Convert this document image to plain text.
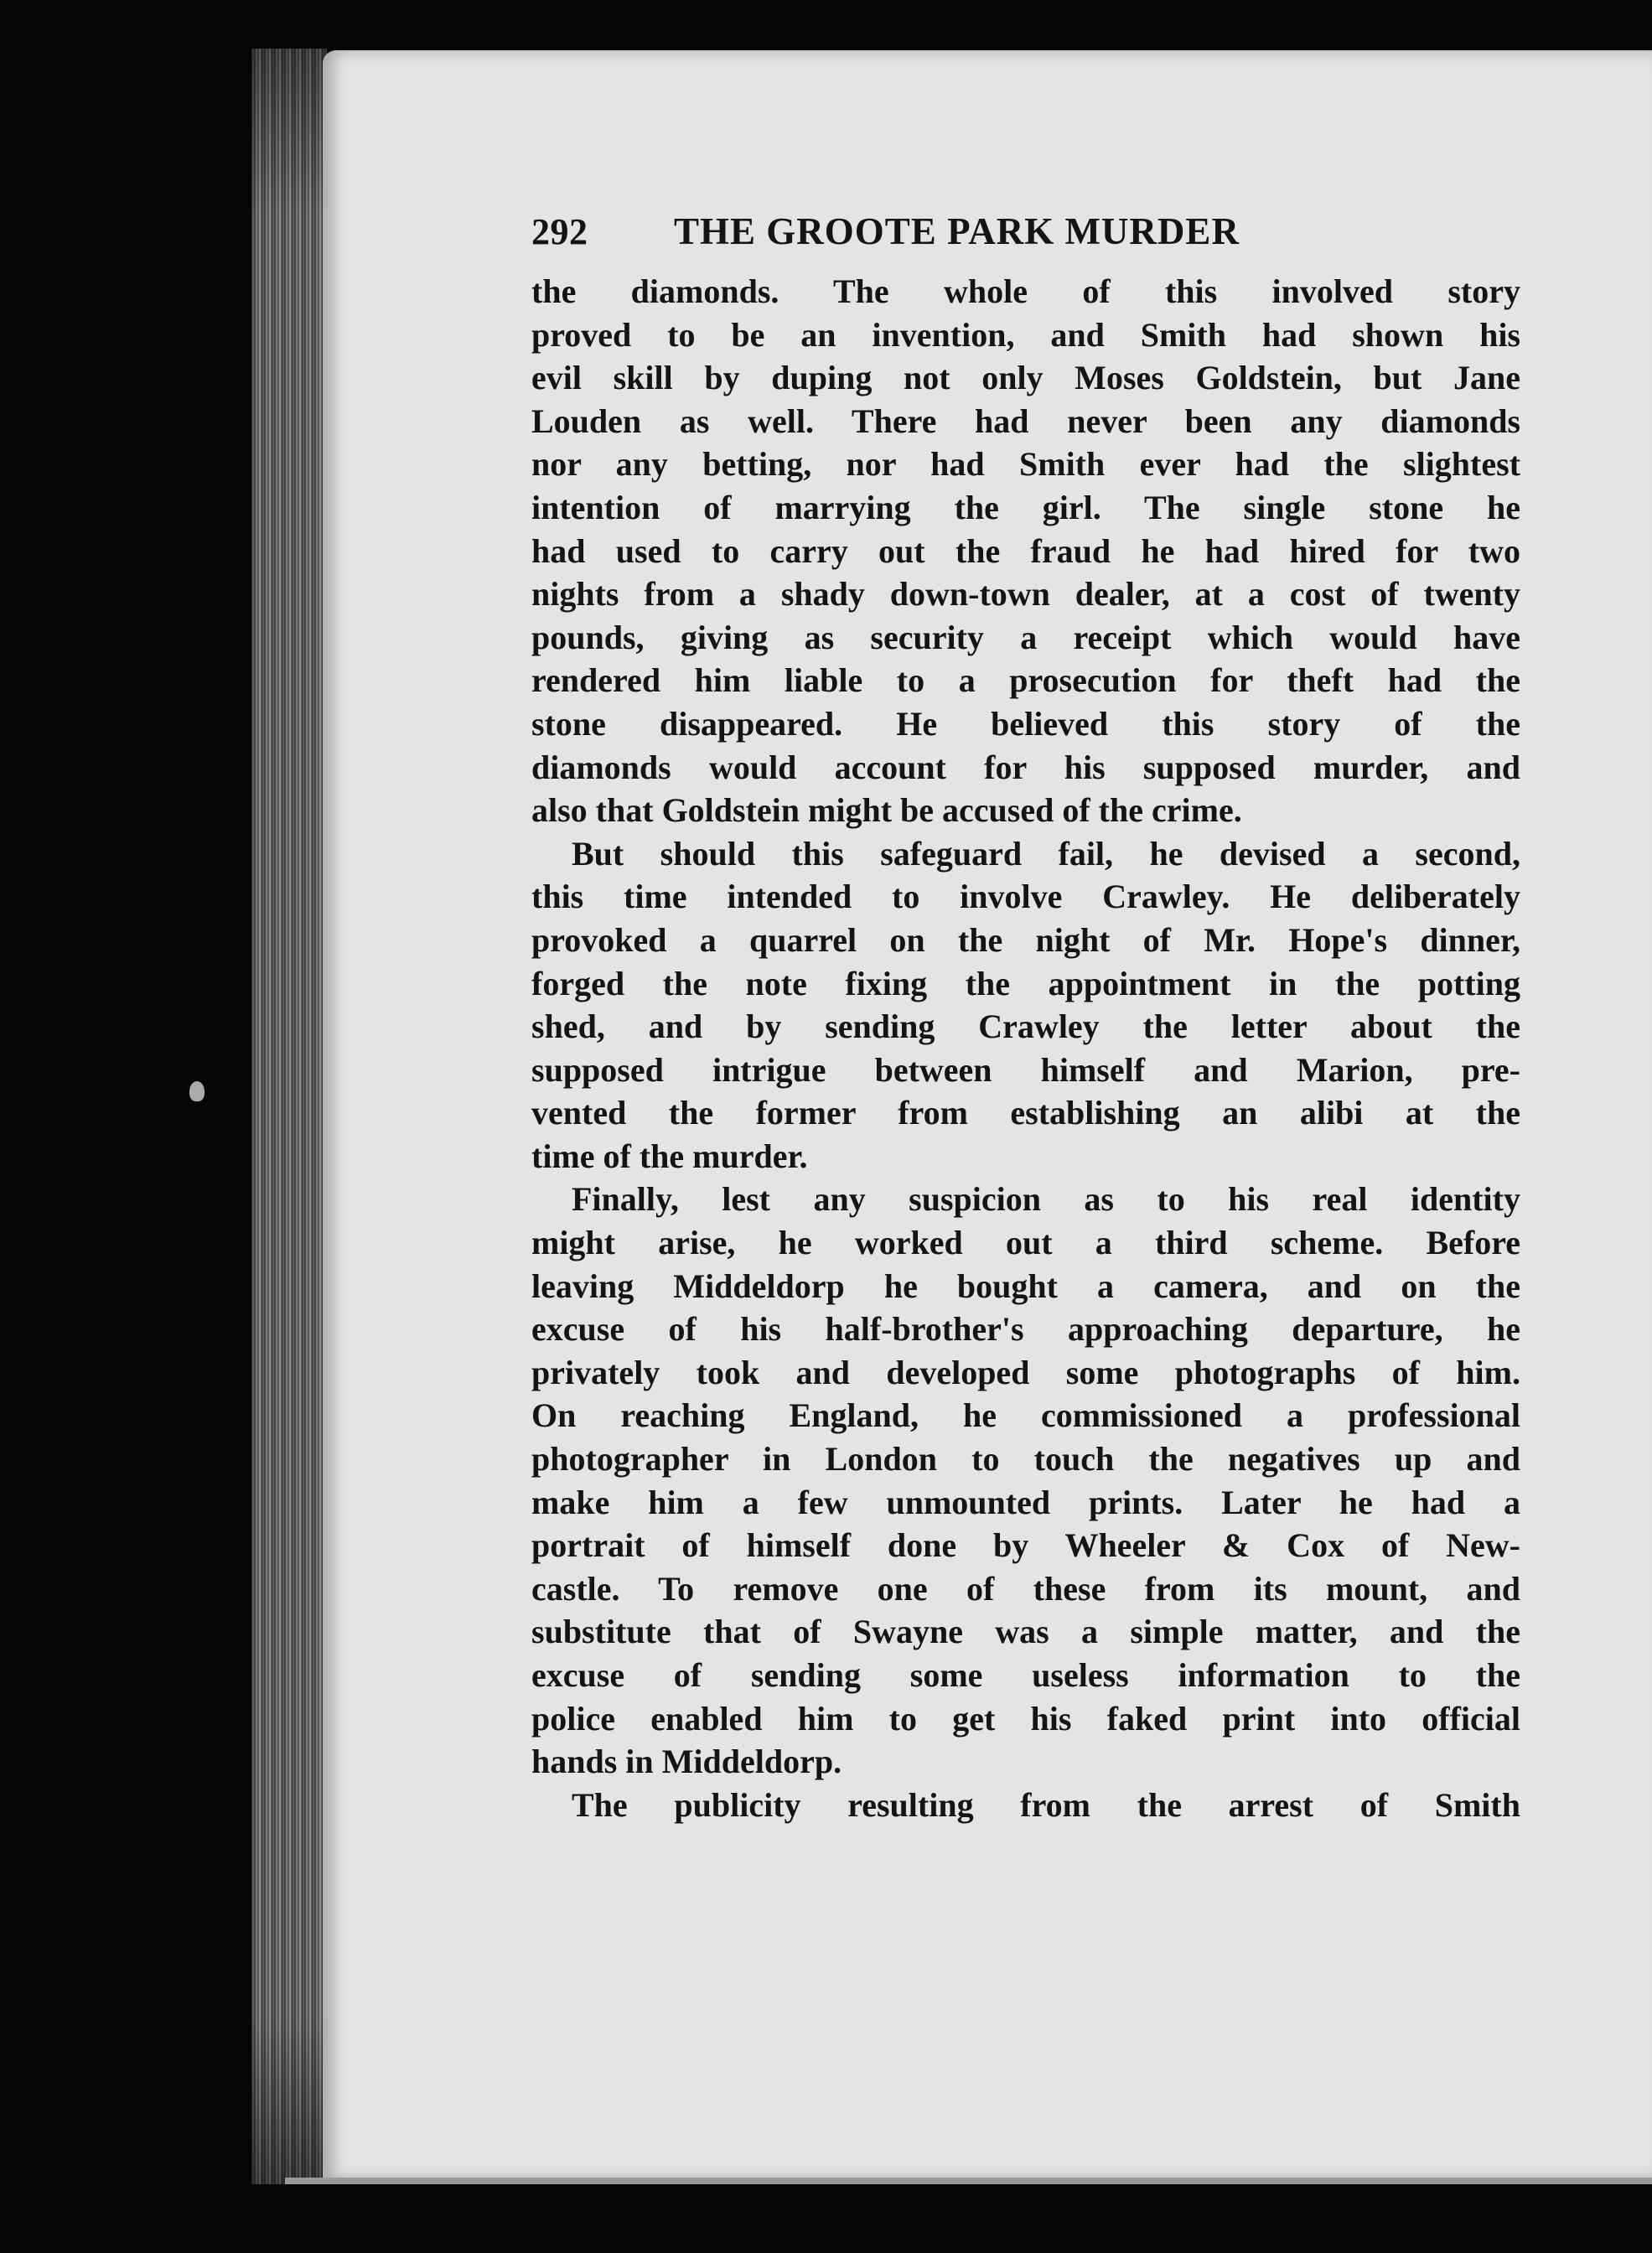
292	THE GROOTE PARK MURDER
the diamonds. The whole of this involved story
proved to be an invention, and Smith had shown his
evil skill by duping not only Moses Goldstein, but Jane
Louden as well. There had never been any diamonds
nor any betting, nor had Smith ever had the slightest
intention of marrying the girl. The single stone he
had used to carry out the fraud he had hired for two
nights from a shady down-town dealer, at a cost of twenty
pounds, giving as security a receipt which would have
rendered him liable to a prosecution for theft had the
stone disappeared. He believed this story of the
diamonds would account for his supposed murder, and
also that Goldstein might be accused of the crime.
But should this safeguard fail, he devised a second,
this time intended to involve Crawley. He deliberately
provoked a quarrel on the night of Mr. Hope's dinner,
forged the note fixing the appointment in the potting
shed, and by sending Crawley the letter about the
supposed intrigue between himself and Marion, pre-
vented the former from establishing an alibi at the
time of the murder.
Finally, lest any suspicion as to his real identity
might arise, he worked out a third scheme. Before
leaving Middeldorp he bought a camera, and on the
excuse of his half-brother's approaching departure, he
privately took and developed some photographs of him.
On reaching England, he commissioned a professional
photographer in London to touch the negatives up and
make him a few unmounted prints. Later he had a
portrait of himself done by Wheeler & Cox of New-
castle. To remove one of these from its mount, and
substitute that of Swayne was a simple matter, and the
excuse of sending some useless information to the
police enabled him to get his faked print into official
hands in Middeldorp.
The publicity resulting from the arrest of Smith
